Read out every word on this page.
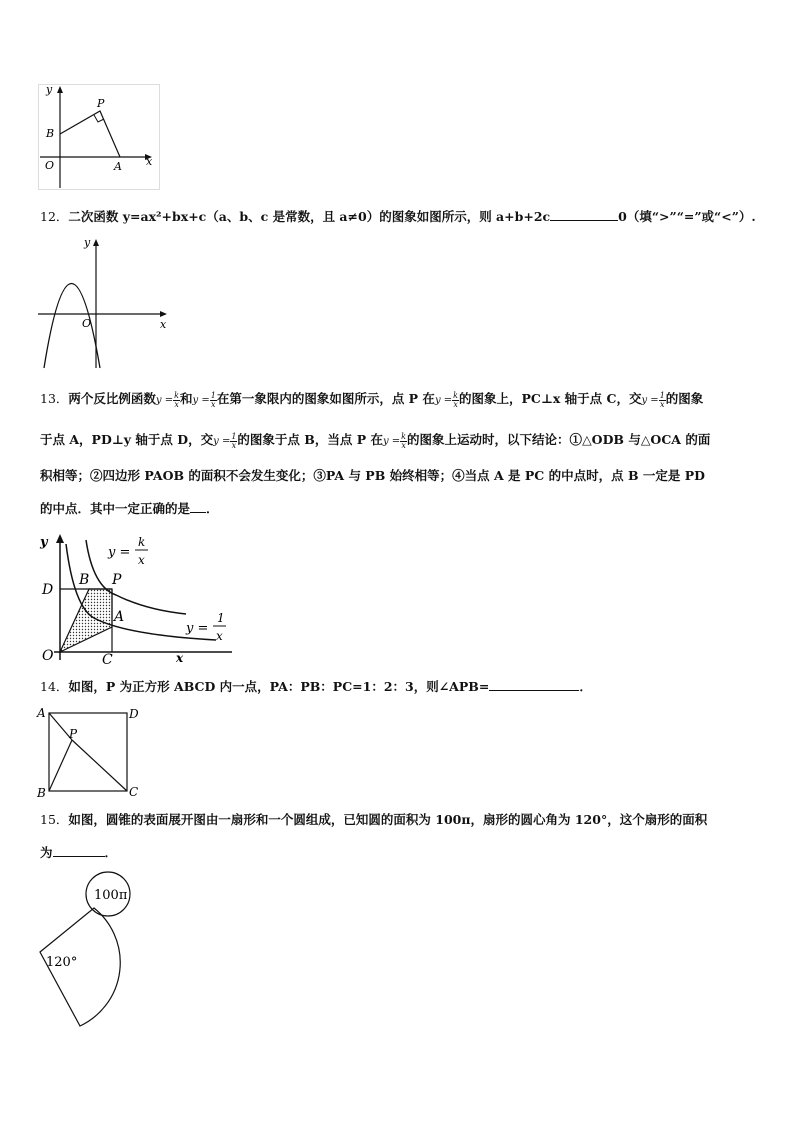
y
P
B
O	A x
12．二次函数 y=ax²+bx+c（a、b、c 是常数，且 a≠0）的图象如图所示，则 a+b+2c	0（填“>”“=”或“<”）.
y
O	x
13．两个反比例函数$y = \frac{k}{x}$ 和$y = \frac{1}{x}$ 在第一象限内的图象如图所示，点 P 在$y = \frac{k}{x}$ 的图象上，PC⊥x 轴于点 C，交$y = \frac{1}{x}$ 的图象
于点 A，PD⊥y 轴于点 D，交$y = \frac{1}{x}$ 的图象于点 B，当点 P 在$y = \frac{k}{x}$ 的图象上运动时，以下结论：①△ODB 与△OCA 的面
积相等；②四边形 PAOB 的面积不会发生变化；③PA 与 PB 始终相等；④当点 A 是 PC 的中点时，点 B 一定是 PD
的中点．其中一定正确的是 ．
y
D
B P
A
O	C	x
y =
k
x
y =
1
x
14．如图，P 为正方形 ABCD 内一点，PA：PB：PC=1：2：3，则∠APB=	．
A	D
P
B	C
15．如图，圆锥的表面展开图由一扇形和一个圆组成，已知圆的面积为 100π，扇形的圆心角为 120°，这个扇形的面积
为	．
100π
120°
